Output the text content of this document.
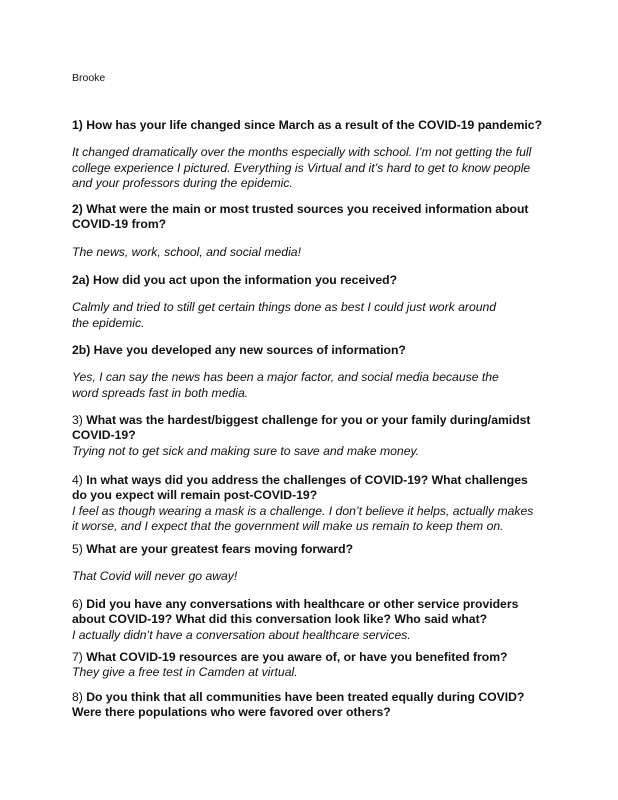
Brooke

1) How has your life changed since March as a result of the COVID-19 pandemic?

It changed dramatically over the months especially with school. I’m not getting the full
college experience I pictured. Everything is Virtual and it’s hard to get to know people
and your professors during the epidemic.

2) What were the main or most trusted sources you received information about
COVID-19 from?

The news, work, school, and social media!

2a) How did you act upon the information you received?

Calmly and tried to still get certain things done as best I could just work around
the epidemic.

2b) Have you developed any new sources of information?

Yes, I can say the news has been a major factor, and social media because the
word spreads fast in both media.

3) What was the hardest/biggest challenge for you or your family during/amidst
COVID-19?

Trying not to get sick and making sure to save and make money.

4) In what ways did you address the challenges of COVID-19? What challenges
do you expect will remain post-COVID-19?

I feel as though wearing a mask is a challenge. I don’t believe it helps, actually makes
it worse, and I expect that the government will make us remain to keep them on.

5) What are your greatest fears moving forward?

That Covid will never go away!

6) Did you have any conversations with healthcare or other service providers
about COVID-19? What did this conversation look like? Who said what?

I actually didn’t have a conversation about healthcare services.

7) What COVID-19 resources are you aware of, or have you benefited from?

They give a free test in Camden at virtual.

8) Do you think that all communities have been treated equally during COVID?
Were there populations who were favored over others?
